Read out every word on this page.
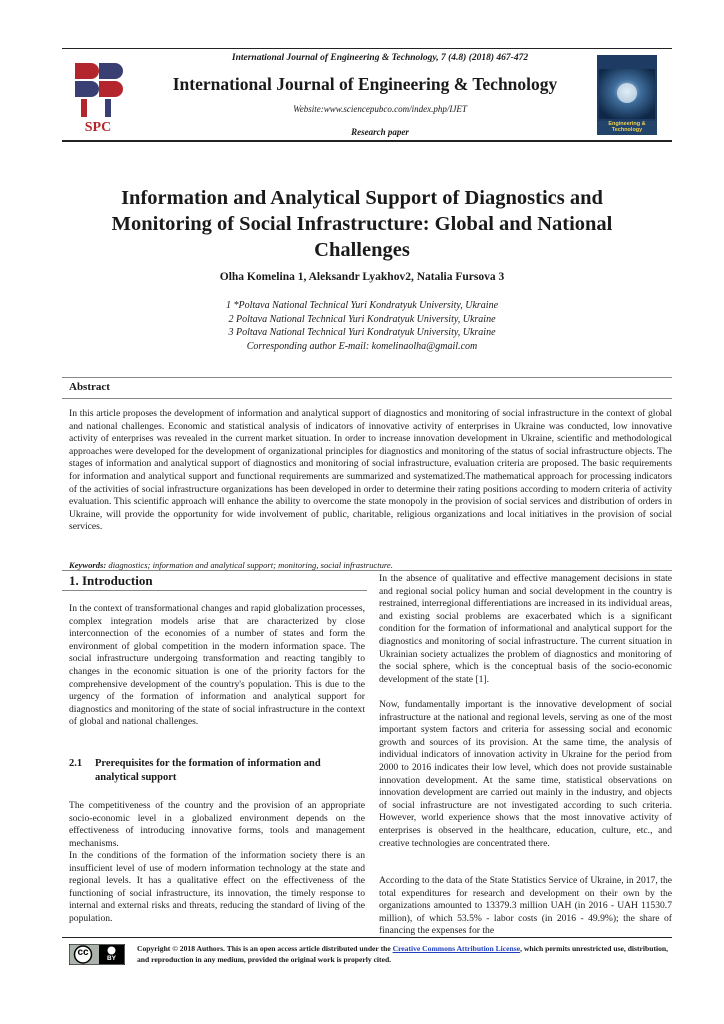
SPC
International Journal of Engineering & Technology, 7 (4.8) (2018) 467-472
International Journal of Engineering & Technology
Website:www.sciencepubco.com/index.php/IJET
Research paper
Engineering & Technology
Information and Analytical Support of Diagnostics and Monitoring of Social Infrastructure: Global and National Challenges
Olha Komelina 1, Aleksandr Lyakhov2, Natalia Fursova 3
1 *Poltava National Technical Yuri Kondratyuk University, Ukraine
2 Poltava National Technical Yuri Kondratyuk University, Ukraine
3 Poltava National Technical Yuri Kondratyuk University, Ukraine
Corresponding author E-mail: komelinaolha@gmail.com
Abstract
In this article proposes the development of information and analytical support of diagnostics and monitoring of social infrastructure in the context of global and national challenges. Economic and statistical analysis of indicators of innovative activity of enterprises in Ukraine was conducted, low innovative activity of enterprises was revealed in the current market situation. In order to increase innovation development in Ukraine, scientific and methodological approaches were developed for the development of organizational principles for diagnostics and monitoring of the status of social infrastructure objects. The stages of information and analytical support of diagnostics and monitoring of social infrastructure, evaluation criteria are proposed. The basic requirements for information and analytical support and functional requirements are summarized and systematized.The mathematical approach for processing indicators of the activities of social infrastructure organizations has been developed in order to determine their rating positions according to modern criteria of activity evaluation. This scientific approach will enhance the ability to overcome the state monopoly in the provision of social services and distribution of orders in Ukraine, will provide the opportunity for wide involvement of public, charitable, religious organizations and local initiatives in the provision of social services.
Keywords: diagnostics; information and analytical support; monitoring, social infrastructure.
1. Introduction
In the context of transformational changes and rapid globalization processes, complex integration models arise that are characterized by close interconnection of the economies of a number of states and form the environment of global competition in the modern information space. The social infrastructure undergoing transformation and reacting tangibly to changes in the economic situation is one of the priority factors for the comprehensive development of the country's population. This is due to the urgency of the formation of information and analytical support for diagnostics and monitoring of the state of social infrastructure in the context of global and national challenges.
2.1 Prerequisites for the formation of information and analytical support
The competitiveness of the country and the provision of an appropriate socio-economic level in a globalized environment depends on the effectiveness of introducing innovative forms, tools and management mechanisms.
In the conditions of the formation of the information society there is an insufficient level of use of modern information technology at the state and regional levels. It has a qualitative effect on the effectiveness of the functioning of social infrastructure, its innovation, the timely response to internal and external risks and threats, reducing the standard of living of the population.
In the absence of qualitative and effective management decisions in state and regional social policy human and social development in the country is restrained, interregional differentiations are increased in its individual areas, and existing social problems are exacerbated which is a significant condition for the formation of informational and analytical support for the diagnostics and monitoring of social infrastructure. The current situation in Ukrainian society actualizes the problem of diagnostics and monitoring of the social sphere, which is the conceptual basis of the socio-economic development of the state [1].
Now, fundamentally important is the innovative development of social infrastructure at the national and regional levels, serving as one of the most important system factors and criteria for assessing social and economic growth and sources of its provision. At the same time, the analysis of individual indicators of innovation activity in Ukraine for the period from 2000 to 2016 indicates their low level, which does not provide sustainable innovation development. At the same time, statistical observations on innovation development are carried out mainly in the industry, and objects of social infrastructure are not investigated according to such criteria. However, world experience shows that the most innovative activity of enterprises is observed in the healthcare, education, culture, etc., and creative technologies are concentrated there.
According to the data of the State Statistics Service of Ukraine, in 2017, the total expenditures for research and development on their own by the organizations amounted to 13379.3 million UAH (in 2016 - UAH 11530.7 million), of which 53.5% - labor costs (in 2016 - 49.9%); the share of financing the expenses for the
cc
BY
Copyright © 2018 Authors. This is an open access article distributed under the Creative Commons Attribution License, which permits unrestricted use, distribution, and reproduction in any medium, provided the original work is properly cited.
